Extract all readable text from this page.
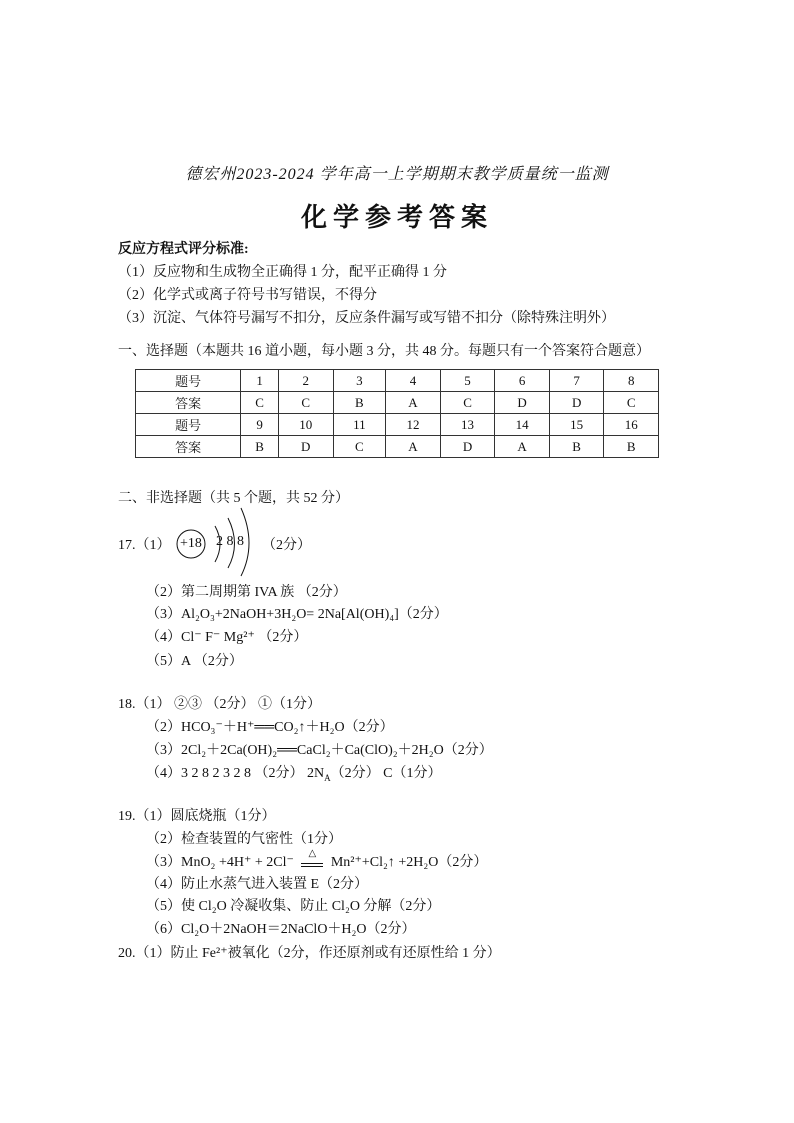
德宏州2023-2024 学年高一上学期期末教学质量统一监测
化学参考答案
反应方程式评分标准:
（1）反应物和生成物全正确得 1 分，配平正确得 1 分
（2）化学式或离子符号书写错误，不得分
（3）沉淀、气体符号漏写不扣分，反应条件漏写或写错不扣分（除特殊注明外）
一、选择题（本题共 16 道小题，每小题 3 分，共 48 分。每题只有一个答案符合题意）
题号	1	2	3	4	5	6	7	8
答案	C	C	B	A	C	D	D	C
题号	9	10	11	12	13	14	15	16
答案	B	D	C	A	D	A	B	B
二、非选择题（共 5 个题，共 52 分）
17.（1） +18 2 8 8 （2分）
（2）第二周期第 IVA 族 （2分）
（3）Al₂O₃+2NaOH+3H₂O= 2Na[Al(OH)₄]（2分）
（4）Cl⁻ F⁻ Mg²⁺ （2分）
（5）A （2分）
18.（1） ②③ （2分） ①（1分）
（2）HCO₃⁻＋H⁺══CO₂↑＋H₂O（2分）
（3）2Cl₂＋2Ca(OH)₂══CaCl₂＋Ca(ClO)₂＋2H₂O（2分）
（4）3 2 8 2 3 2 8 （2分） $2N_A(2$分） C（1分）
19.（1）圆底烧瓶（1分）
（2）检查装置的气密性（1分）
（3）MnO₂ +4H⁺ + 2Cl⁻ △
Mn²⁺+Cl₂↑ +2H₂O（2分）
（4）防止水蒸气进入装置 E（2分）
（5）使 Cl₂O 冷凝收集、防止 Cl₂O 分解（2分）
（6）Cl₂O＋2NaOH＝2NaClO＋H₂O（2分）
20.（1）防止 Fe²⁺被氧化（2分，作还原剂或有还原性给 1 分）
